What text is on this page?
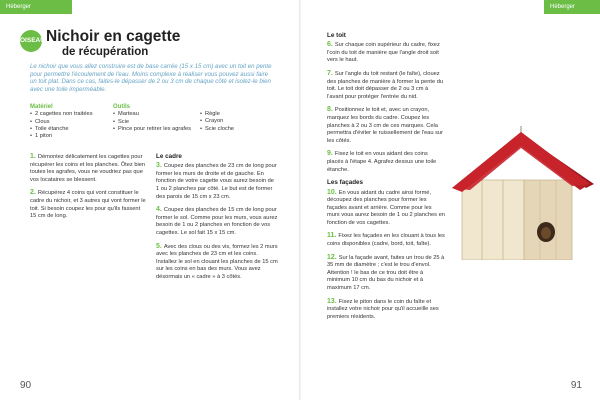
Héberger
OISEAU Nichoir en cagette
de récupération
Le nichoir que vous allez construire est de base carrée (15 x 15 cm) avec un toit en pente pour permettre l'écoulement de l'eau. Moins complexe à réaliser vous pouvez aussi faire un toit plat. Dans ce cas, faites-le dépasser de 2 ou 3 cm de chaque côté et isolez-le bien avec une toile imperméable.
Matériel
• 2 cagettes non traitées
• Clous
• Toile étanche
• 1 piton
Outils
• Marteau
• Scie
• Pince pour retirer les agrafes
• Règle
• Crayon
• Scie cloche

1. Démontez délicatement les cagettes pour récupérer les coins et les planches. Ôtez bien toutes les agrafes, vous ne voudriez pas que vos locataires se blessent.

2. Récupérez 4 coins qui vont constituer le cadre du nichoir, et 3 autres qui vont former le toit. Si besoin coupez les pour qu'ils fassent 15 cm de long.

Le cadre

3. Coupez des planches de 23 cm de long pour former les murs de droite et de gauche. En fonction de votre cagette vous aurez besoin de 1 ou 2 planches par côté. Le but est de former des parois de 15 cm x 23 cm.

4. Coupez des planches de 15 cm de long pour former le sol. Comme pour les murs, vous aurez besoin de 1 ou 2 planches en fonction de vos cagettes. Le sol fait 15 x 15 cm.

5. Avec des clous ou des vis, formez les 2 murs avec les planches de 23 cm et les coins. Installez le sol en clouant les planches de 15 cm sur les coins en bas des murs. Vous avez désormais un « cadre » à 3 côtés.

90
Héberger
Le toit

6. Sur chaque coin supérieur du cadre, fixez l'coin du toit de manière que l'angle droit soit vers le haut.

7. Sur l'angle du toit restant (le faîte), clouez des planches de manière à former la pente du toit. Le toit doit dépasser de 2 ou 3 cm à l'avant pour protéger l'entrée du nid.

8. Positionnez le toit et, avec un crayon, marquez les bords du cadre. Coupez les planches à 2 ou 3 cm de ces marques. Cela permettra d'éviter le ruissellement de l'eau sur les côtés.

9. Fixez le toit en vous aidant des coins placés à l'étape 4. Agrafez dessus une toile étanche.

Les façades

10. En vous aidant du cadre ainsi formé, découpez des planches pour former les façades avant et arrière. Comme pour les murs vous aurez besoin de 1 ou 2 planches en fonction de vos cagettes.

11. Fixez les façades en les clouant à tous les coins disponibles (cadre, bord, toit, faîte).

12. Sur la façade avant, faites un trou de 25 à 35 mm de diamètre ; c'est le trou d'envol. Attention ! le bas de ce trou doit être à minimum 10 cm du bas du nichoir et à maximum 17 cm.

13. Fixez le piton dans le coin du faîte et installez votre nichoir pour qu'il accueille ses premiers résidents.

91
